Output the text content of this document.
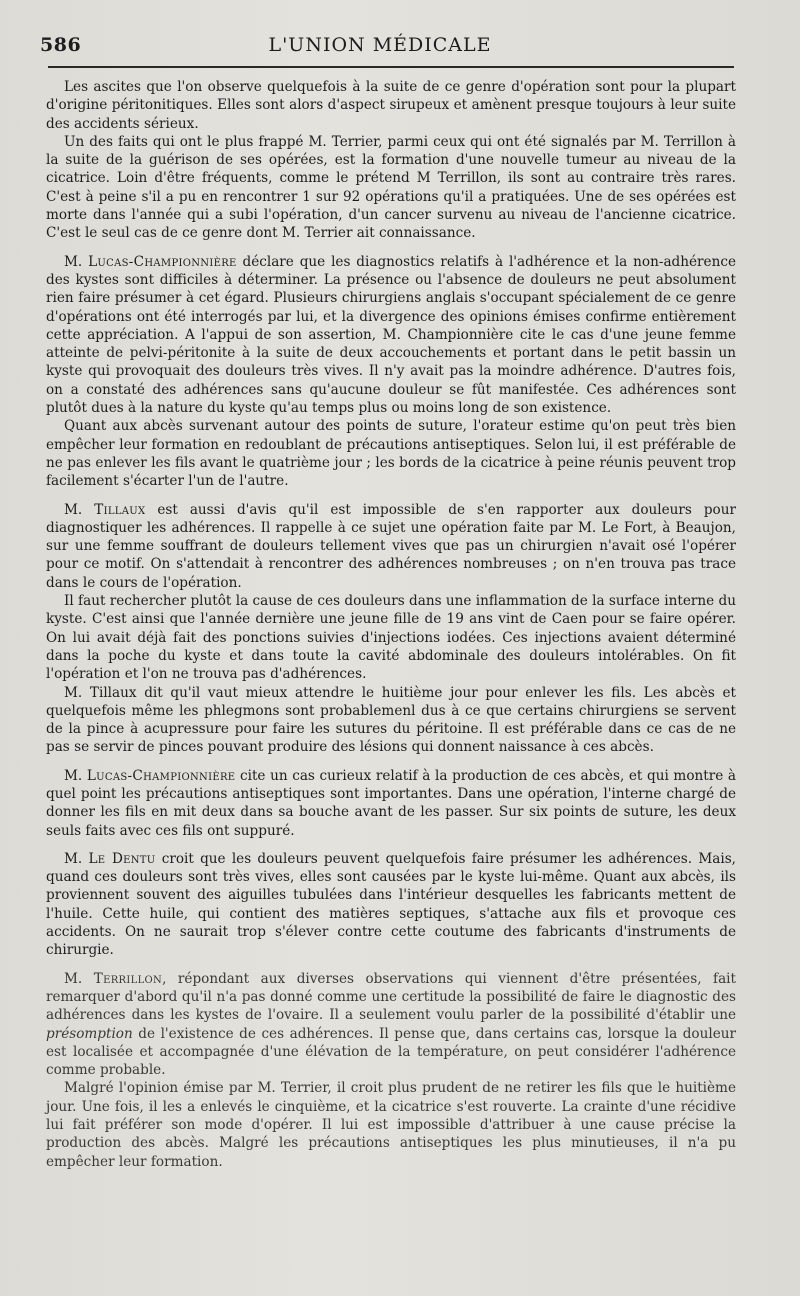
586	L'UNION MÉDICALE

Les ascites que l'on observe quelquefois à la suite de ce genre d'opération sont pour la plupart d'origine péritonitiques. Elles sont alors d'aspect sirupeux et amènent presque toujours à leur suite des accidents sérieux.

Un des faits qui ont le plus frappé M. Terrier, parmi ceux qui ont été signalés par M. Terrillon à la suite de la guérison de ses opérées, est la formation d'une nouvelle tumeur au niveau de la cicatrice. Loin d'être fréquents, comme le prétend M Terrillon, ils sont au contraire très rares. C'est à peine s'il a pu en rencontrer 1 sur 92 opérations qu'il a pratiquées. Une de ses opérées est morte dans l'année qui a subi l'opération, d'un cancer survenu au niveau de l'ancienne cicatrice. C'est le seul cas de ce genre dont M. Terrier ait connaissance.

M. Lucas-Championnière déclare que les diagnostics relatifs à l'adhérence et la non-adhérence des kystes sont difficiles à déterminer. La présence ou l'absence de douleurs ne peut absolument rien faire présumer à cet égard. Plusieurs chirurgiens anglais s'occupant spécialement de ce genre d'opérations ont été interrogés par lui, et la divergence des opinions émises confirme entièrement cette appréciation. A l'appui de son assertion, M. Championnière cite le cas d'une jeune femme atteinte de pelvi-péritonite à la suite de deux accouchements et portant dans le petit bassin un kyste qui provoquait des douleurs très vives. Il n'y avait pas la moindre adhérence. D'autres fois, on a constaté des adhérences sans qu'aucune douleur se fût manifestée. Ces adhérences sont plutôt dues à la nature du kyste qu'au temps plus ou moins long de son existence.

Quant aux abcès survenant autour des points de suture, l'orateur estime qu'on peut très bien empêcher leur formation en redoublant de précautions antiseptiques. Selon lui, il est préférable de ne pas enlever les fils avant le quatrième jour ; les bords de la cicatrice à peine réunis peuvent trop facilement s'écarter l'un de l'autre.

M. Tillaux est aussi d'avis qu'il est impossible de s'en rapporter aux douleurs pour diagnostiquer les adhérences. Il rappelle à ce sujet une opération faite par M. Le Fort, à Beaujon, sur une femme souffrant de douleurs tellement vives que pas un chirurgien n'avait osé l'opérer pour ce motif. On s'attendait à rencontrer des adhérences nombreuses ; on n'en trouva pas trace dans le cours de l'opération.

Il faut rechercher plutôt la cause de ces douleurs dans une inflammation de la surface interne du kyste. C'est ainsi que l'année dernière une jeune fille de 19 ans vint de Caen pour se faire opérer. On lui avait déjà fait des ponctions suivies d'injections iodées. Ces injections avaient déterminé dans la poche du kyste et dans toute la cavité abdominale des douleurs intolérables. On fit l'opération et l'on ne trouva pas d'adhérences.

M. Tillaux dit qu'il vaut mieux attendre le huitième jour pour enlever les fils. Les abcès et quelquefois même les phlegmons sont probablemenl dus à ce que certains chirurgiens se servent de la pince à acupressure pour faire les sutures du péritoine. Il est préférable dans ce cas de ne pas se servir de pinces pouvant produire des lésions qui donnent naissance à ces abcès.

M. Lucas-Championnière cite un cas curieux relatif à la production de ces abcès, et qui montre à quel point les précautions antiseptiques sont importantes. Dans une opération, l'interne chargé de donner les fils en mit deux dans sa bouche avant de les passer. Sur six points de suture, les deux seuls faits avec ces fils ont suppuré.

M. Le Dentu croit que les douleurs peuvent quelquefois faire présumer les adhérences. Mais, quand ces douleurs sont très vives, elles sont causées par le kyste lui-même. Quant aux abcès, ils proviennent souvent des aiguilles tubulées dans l'intérieur desquelles les fabricants mettent de l'huile. Cette huile, qui contient des matières septiques, s'attache aux fils et provoque ces accidents. On ne saurait trop s'élever contre cette coutume des fabricants d'instruments de chirurgie.

M. Terrillon, répondant aux diverses observations qui viennent d'être présentées, fait remarquer d'abord qu'il n'a pas donné comme une certitude la possibilité de faire le diagnostic des adhérences dans les kystes de l'ovaire. Il a seulement voulu parler de la possibilité d'établir une présomption de l'existence de ces adhérences. Il pense que, dans certains cas, lorsque la douleur est localisée et accompagnée d'une élévation de la température, on peut considérer l'adhérence comme probable.

Malgré l'opinion émise par M. Terrier, il croit plus prudent de ne retirer les fils que le huitième jour. Une fois, il les a enlevés le cinquième, et la cicatrice s'est rouverte. La crainte d'une récidive lui fait préférer son mode d'opérer. Il lui est impossible d'attribuer à une cause précise la production des abcès. Malgré les précautions antiseptiques les plus minutieuses, il n'a pu empêcher leur formation.
